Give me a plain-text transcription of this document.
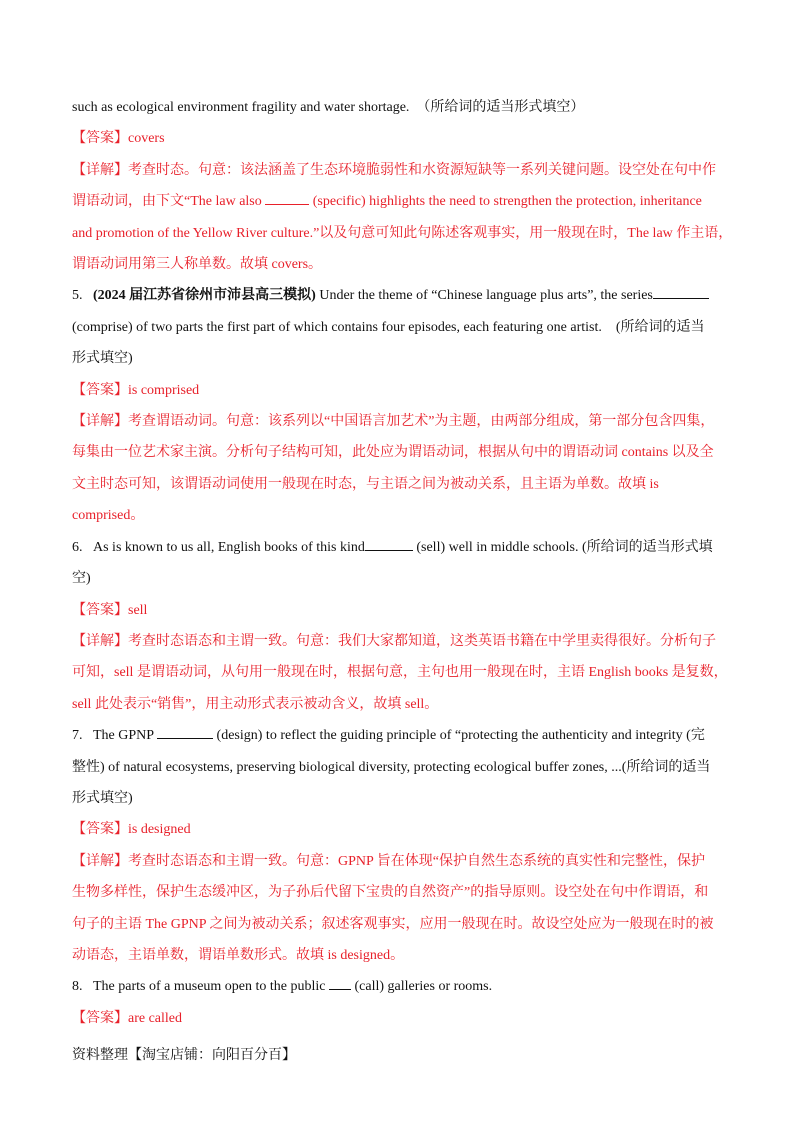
such as ecological environment fragility and water shortage.　（所给词的适当形式填空）
【答案】covers
【详解】考查时态。句意：该法涵盖了生态环境脆弱性和水资源短缺等一系列关键问题。设空处在句中作
谓语动词，由下文“The law also	(specific) highlights the need to strengthen the protection, inheritance
and promotion of the Yellow River culture.”以及句意可知此句陈述客观事实，用一般现在时，The law 作主语，
谓语动词用第三人称单数。故填 covers。
5. (2024 届江苏省徐州市沛县高三模拟) Under the theme of “Chinese language plus arts”, the series
(comprise) of two parts the first part of which contains four episodes, each featuring one artist.　(所给词的适当
形式填空)
【答案】is comprised
【详解】考查谓语动词。句意：该系列以“中国语言加艺术”为主题，由两部分组成，第一部分包含四集，
每集由一位艺术家主演。分析句子结构可知，此处应为谓语动词，根据从句中的谓语动词 contains 以及全
文主时态可知，该谓语动词使用一般现在时态，与主语之间为被动关系，且主语为单数。故填 is
comprised。
6. As is known to us all, English books of this kind	(sell) well in middle schools. (所给词的适当形式填
空)
【答案】sell
【详解】考查时态语态和主谓一致。句意：我们大家都知道，这类英语书籍在中学里卖得很好。分析句子
可知，sell 是谓语动词，从句用一般现在时，根据句意，主句也用一般现在时，主语 English books 是复数，
sell 此处表示“销售”，用主动形式表示被动含义，故填 sell。
7. The GPNP	(design) to reflect the guiding principle of “protecting the authenticity and integrity (完
整性) of natural ecosystems, preserving biological diversity, protecting ecological buffer zones, ...(所给词的适当
形式填空)
【答案】is designed
【详解】考查时态语态和主谓一致。句意：GPNP 旨在体现“保护自然生态系统的真实性和完整性，保护
生物多样性，保护生态缓冲区，为子孙后代留下宝贵的自然资产”的指导原则。设空处在句中作谓语，和
句子的主语 The GPNP 之间为被动关系；叙述客观事实，应用一般现在时。故设空处应为一般现在时的被
动语态，主语单数，谓语单数形式。故填 is designed。
8. The parts of a museum open to the public  (call) galleries or rooms.
【答案】are called
资料整理【淘宝店铺：向阳百分百】
